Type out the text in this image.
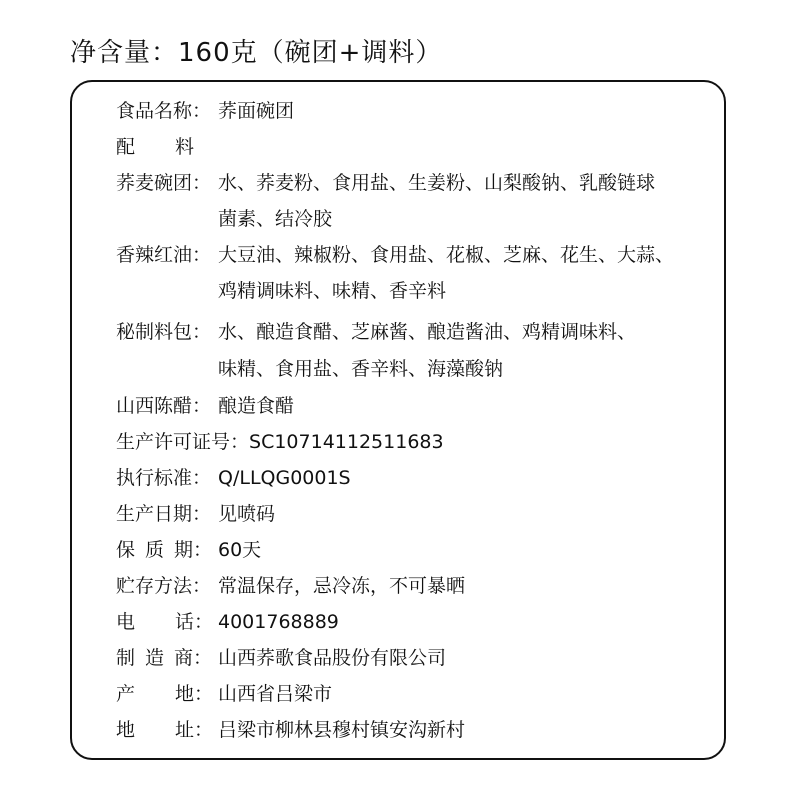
净含量：160克（碗团+调料）
食品名称： 荞面碗团
配 料
荞麦碗团： 水、荞麦粉、食用盐、生姜粉、山梨酸钠、乳酸链球
菌素、结冷胶
香辣红油： 大豆油、辣椒粉、食用盐、花椒、芝麻、花生、大蒜、
鸡精调味料、味精、香辛料
秘制料包： 水、酿造食醋、芝麻酱、酿造酱油、鸡精调味料、
味精、食用盐、香辛料、海藻酸钠
山西陈醋： 酿造食醋
生产许可证号：SC10714112511683
执行标准： Q/LLQG0001S
生产日期： 见喷码
保 质 期： 60天
贮存方法： 常温保存，忌冷冻，不可暴晒
电 话： 4001768889
制 造 商： 山西荞歌食品股份有限公司
产 地： 山西省吕梁市
地 址： 吕梁市柳林县穆村镇安沟新村
